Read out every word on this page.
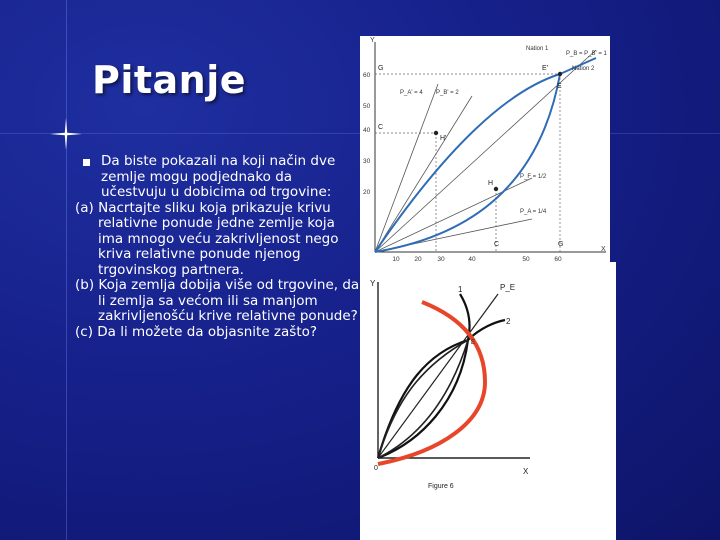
Pitanje

Da biste pokazali na koji način dve zemlje mogu podjednako da učestvuju u dobicima od trgovine:

(a) Nacrtajte sliku koja prikazuje krivu relativne ponude jedne zemlje koja ima mnogo veću zakrivljenost nego kriva relativne ponude njenog trgovinskog partnera.

(b) Koja zemlja dobija više od trgovine, da li zemlja sa većom ili sa manjom zakrivljenošću krive relativne ponude?

(c) Da li možete da objasnite zašto?

Y
X
10 20 30	40	50	60
20
30
40
50
60
G	E'
E
C
H'
H
C	G
Nation 1
P_B = P_B' = 1
Nation 2
P_A' = 4 P_B' = 2
P_F = 1/2
P_A = 1/4
Y
X
0
1
2
P_E
E
Figure 6
